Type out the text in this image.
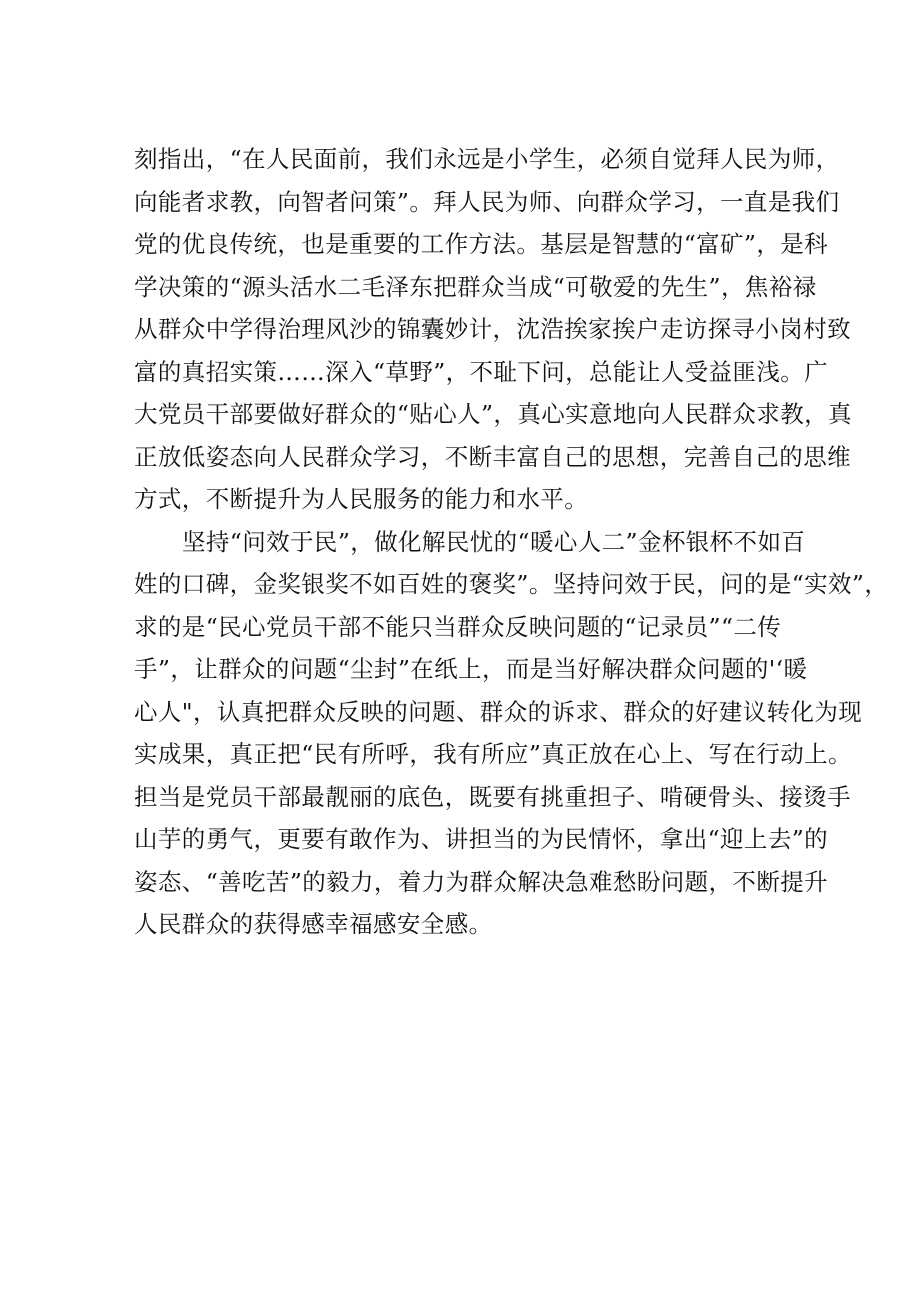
刻指出，“在人民面前，我们永远是小学生，必须自觉拜人民为师，
向能者求教，向智者问策”。拜人民为师、向群众学习，一直是我们
党的优良传统，也是重要的工作方法。基层是智慧的“富矿”，是科
学决策的“源头活水二毛泽东把群众当成“可敬爱的先生”，焦裕禄
从群众中学得治理风沙的锦囊妙计，沈浩挨家挨户走访探寻小岗村致
富的真招实策……深入“草野”，不耻下问，总能让人受益匪浅。广
大党员干部要做好群众的“贴心人”，真心实意地向人民群众求教，真
正放低姿态向人民群众学习，不断丰富自己的思想，完善自己的思维
方式，不断提升为人民服务的能力和水平。
坚持“问效于民”，做化解民忧的“暖心人二”金杯银杯不如百
姓的口碑，金奖银奖不如百姓的褒奖”。坚持问效于民，问的是“实效”，
求的是“民心党员干部不能只当群众反映问题的“记录员”“二传
手”，让群众的问题“尘封”在纸上，而是当好解决群众问题的'‘暖
心人"，认真把群众反映的问题、群众的诉求、群众的好建议转化为现
实成果，真正把“民有所呼，我有所应”真正放在心上、写在行动上。
担当是党员干部最靓丽的底色，既要有挑重担子、啃硬骨头、接烫手
山芋的勇气，更要有敢作为、讲担当的为民情怀，拿出“迎上去”的
姿态、“善吃苦”的毅力，着力为群众解决急难愁盼问题，不断提升
人民群众的获得感幸福感安全感。
